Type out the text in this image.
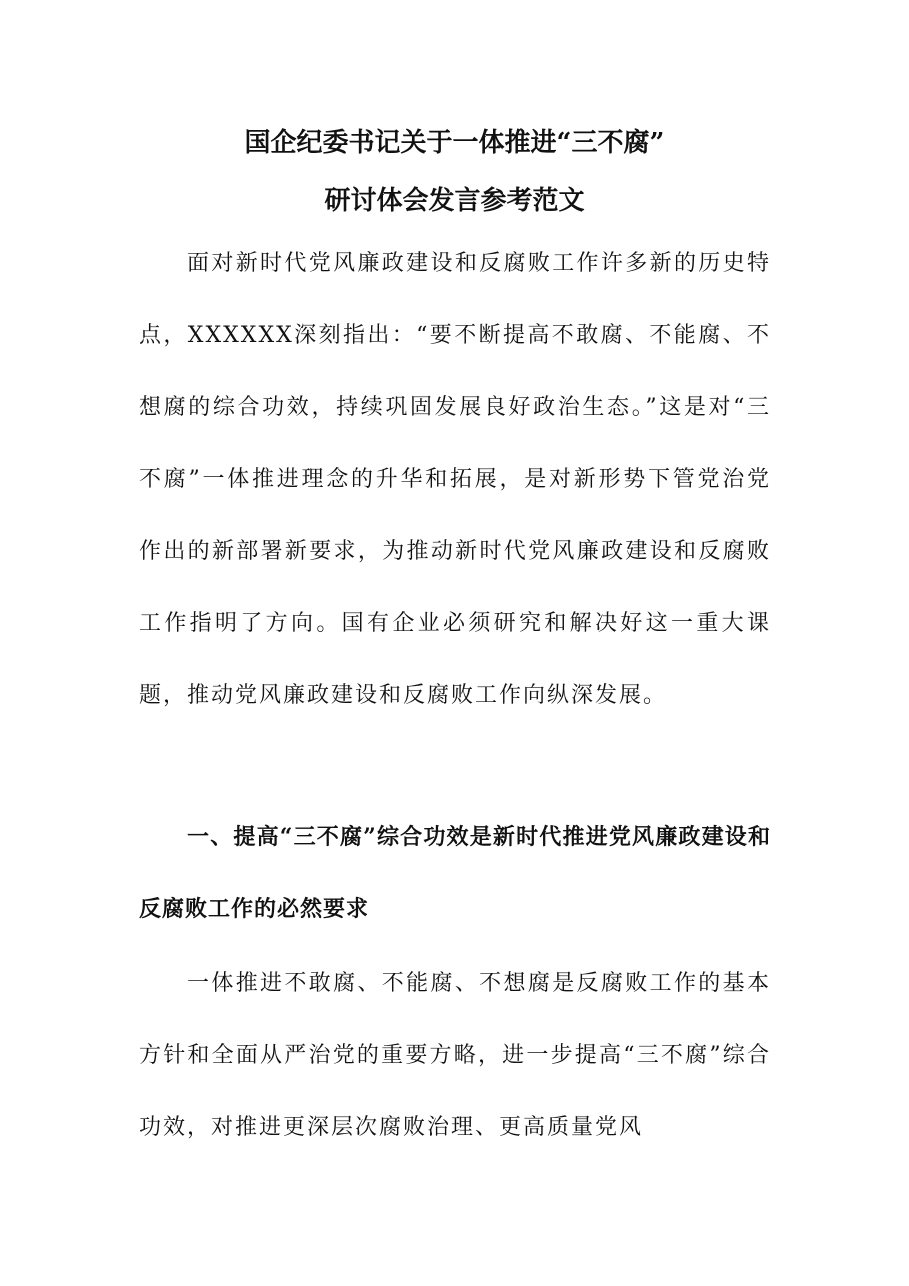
国企纪委书记关于一体推进“三不腐”
研讨体会发言参考范文

面对新时代党风廉政建设和反腐败工作许多新的历史特点，XXXXXX深刻指出：“要不断提高不敢腐、不能腐、不想腐的综合功效，持续巩固发展良好政治生态。”这是对“三不腐”一体推进理念的升华和拓展，是对新形势下管党治党作出的新部署新要求，为推动新时代党风廉政建设和反腐败工作指明了方向。国有企业必须研究和解决好这一重大课题，推动党风廉政建设和反腐败工作向纵深发展。

一、提高“三不腐”综合功效是新时代推进党风廉政建设和反腐败工作的必然要求

一体推进不敢腐、不能腐、不想腐是反腐败工作的基本方针和全面从严治党的重要方略，进一步提高“三不腐”综合功效，对推进更深层次腐败治理、更高质量党风
